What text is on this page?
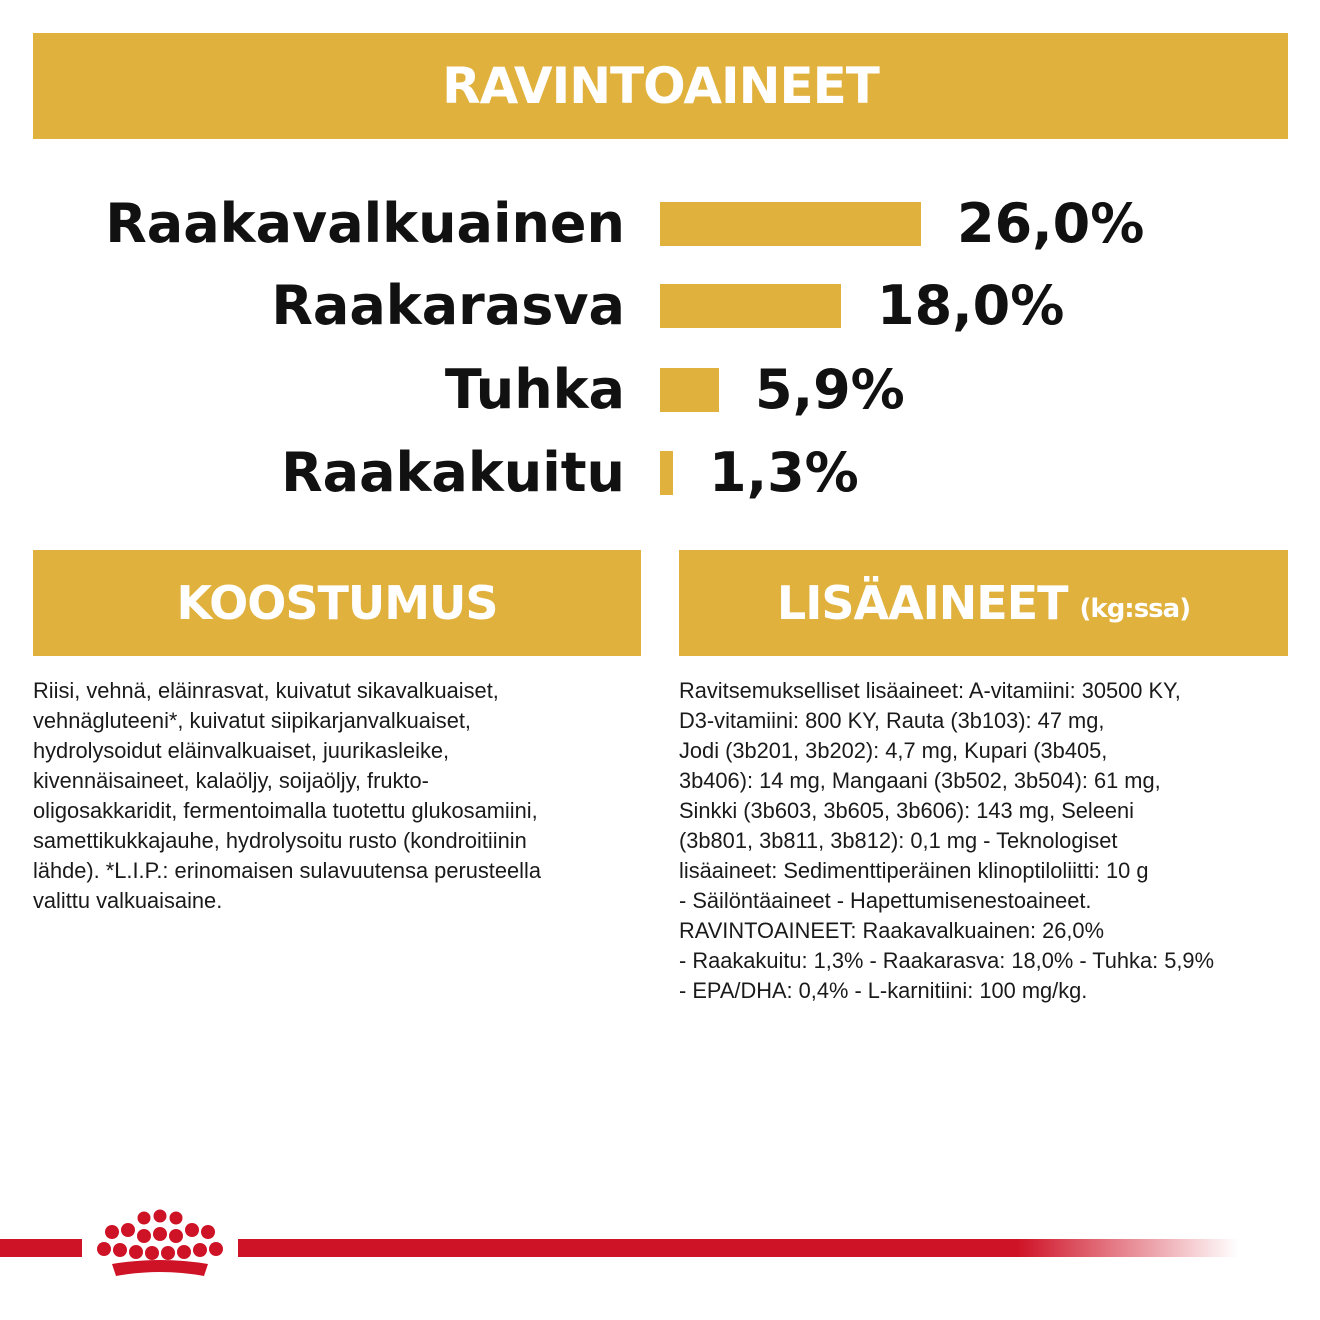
RAVINTOAINEET
Raakavalkuainen	26,0%
Raakarasva	18,0%
Tuhka 5,9%
Raakakuitu 1,3%
KOOSTUMUS	LISÄAINEET (kg:ssa)
Riisi, vehnä, eläinrasvat, kuivatut sikavalkuaiset,
vehnägluteeni*, kuivatut siipikarjanvalkuaiset,
hydrolysoidut eläinvalkuaiset, juurikasleike,
kivennäisaineet, kalaöljy, soijaöljy, frukto-
oligosakkaridit, fermentoimalla tuotettu glukosamiini,
samettikukkajauhe, hydrolysoitu rusto (kondroitiinin
lähde). *L.I.P.: erinomaisen sulavuutensa perusteella
valittu valkuaisaine.
Ravitsemukselliset lisäaineet: A-vitamiini: 30500 KY,
D3-vitamiini: 800 KY, Rauta (3b103): 47 mg,
Jodi (3b201, 3b202): 4,7 mg, Kupari (3b405,
3b406): 14 mg, Mangaani (3b502, 3b504): 61 mg,
Sinkki (3b603, 3b605, 3b606): 143 mg, Seleeni
(3b801, 3b811, 3b812): 0,1 mg - Teknologiset
lisäaineet: Sedimenttiperäinen klinoptiloliitti: 10 g
- Säilöntäaineet - Hapettumisenestoaineet.
RAVINTOAINEET: Raakavalkuainen: 26,0%
- Raakakuitu: 1,3% - Raakarasva: 18,0% - Tuhka: 5,9%
- EPA/DHA: 0,4% - L-karnitiini: 100 mg/kg.
